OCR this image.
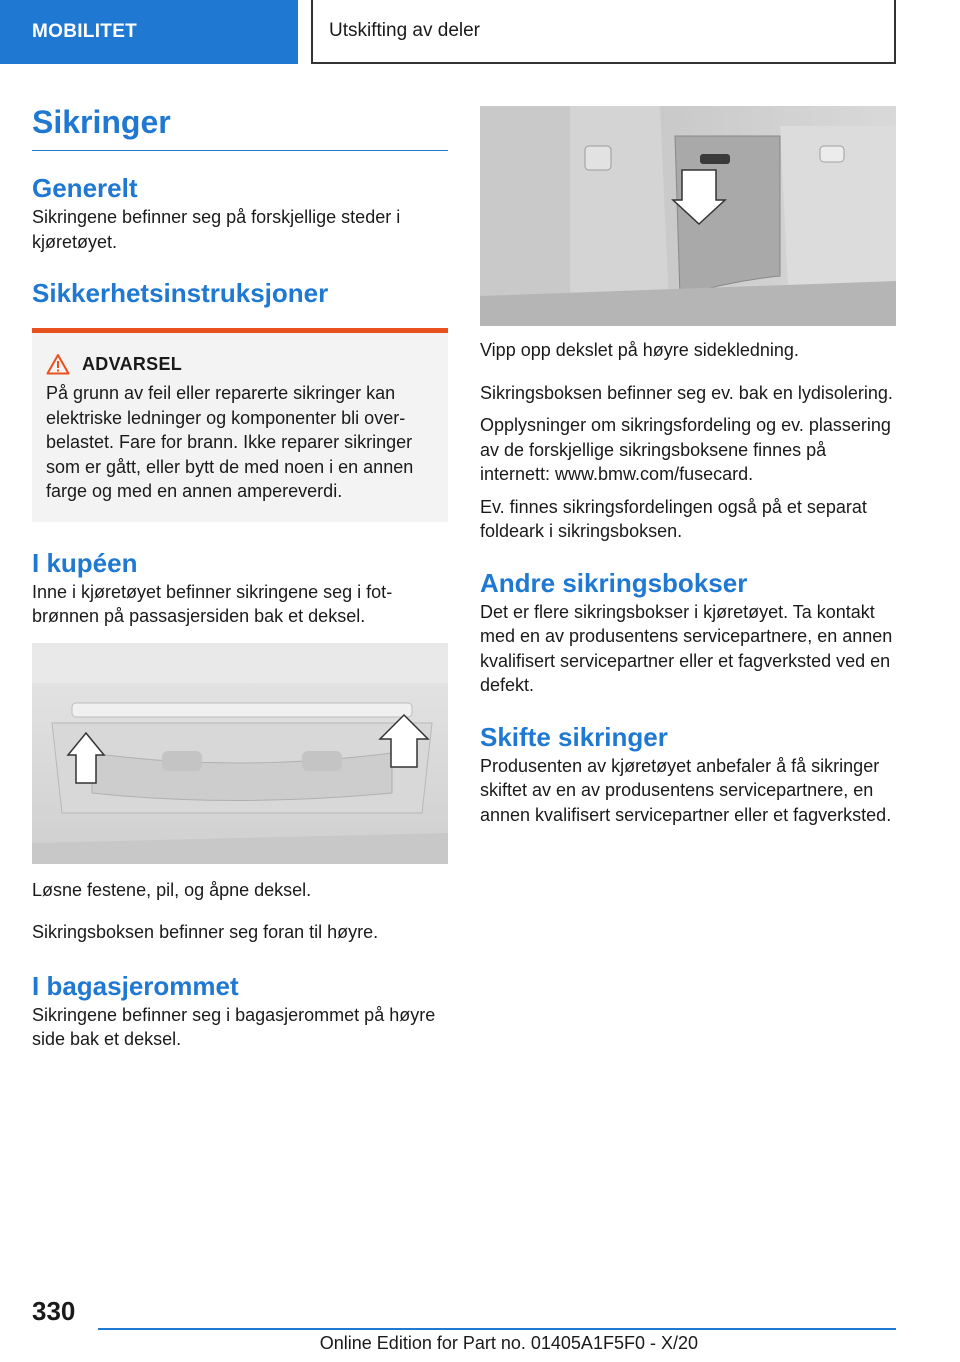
MOBILITET	Utskifting av deler
Sikringer
Generelt

Sikringene befinner seg på forskjellige steder i kjøretøyet.

Sikkerhetsinstruksjoner
ADVARSEL

På grunn av feil eller reparerte sikringer kan elektriske ledninger og komponenter bli overbelastet. Fare for brann. Ikke reparer sikringer som er gått, eller bytt de med noen i en annen farge og med en annen ampereverdi.

I kupéen

Inne i kjøretøyet befinner sikringene seg i fotbrønnen på passasjersiden bak et deksel.

Løsne festene, pil, og åpne deksel.

Sikringsboksen befinner seg foran til høyre.

I bagasjerommet

Sikringene befinner seg i bagasjerommet på høyre side bak et deksel.

Vipp opp dekslet på høyre sidekledning.

Sikringsboksen befinner seg ev. bak en lydisolering.

Opplysninger om sikringsfordeling og ev. plassering av de forskjellige sikringsboksene finnes på internett: www.bmw.com/fusecard.

Ev. finnes sikringsfordelingen også på et separat foldeark i sikringsboksen.

Andre sikringsbokser

Det er flere sikringsbokser i kjøretøyet. Ta kontakt med en av produsentens servicepartnere, en annen kvalifisert servicepartner eller et fagverksted ved en defekt.

Skifte sikringer

Produsenten av kjøretøyet anbefaler å få sikringer skiftet av en av produsentens servicepartnere, en annen kvalifisert servicepartner eller et fagverksted.

330
Online Edition for Part no. 01405A1F5F0 - X/20
